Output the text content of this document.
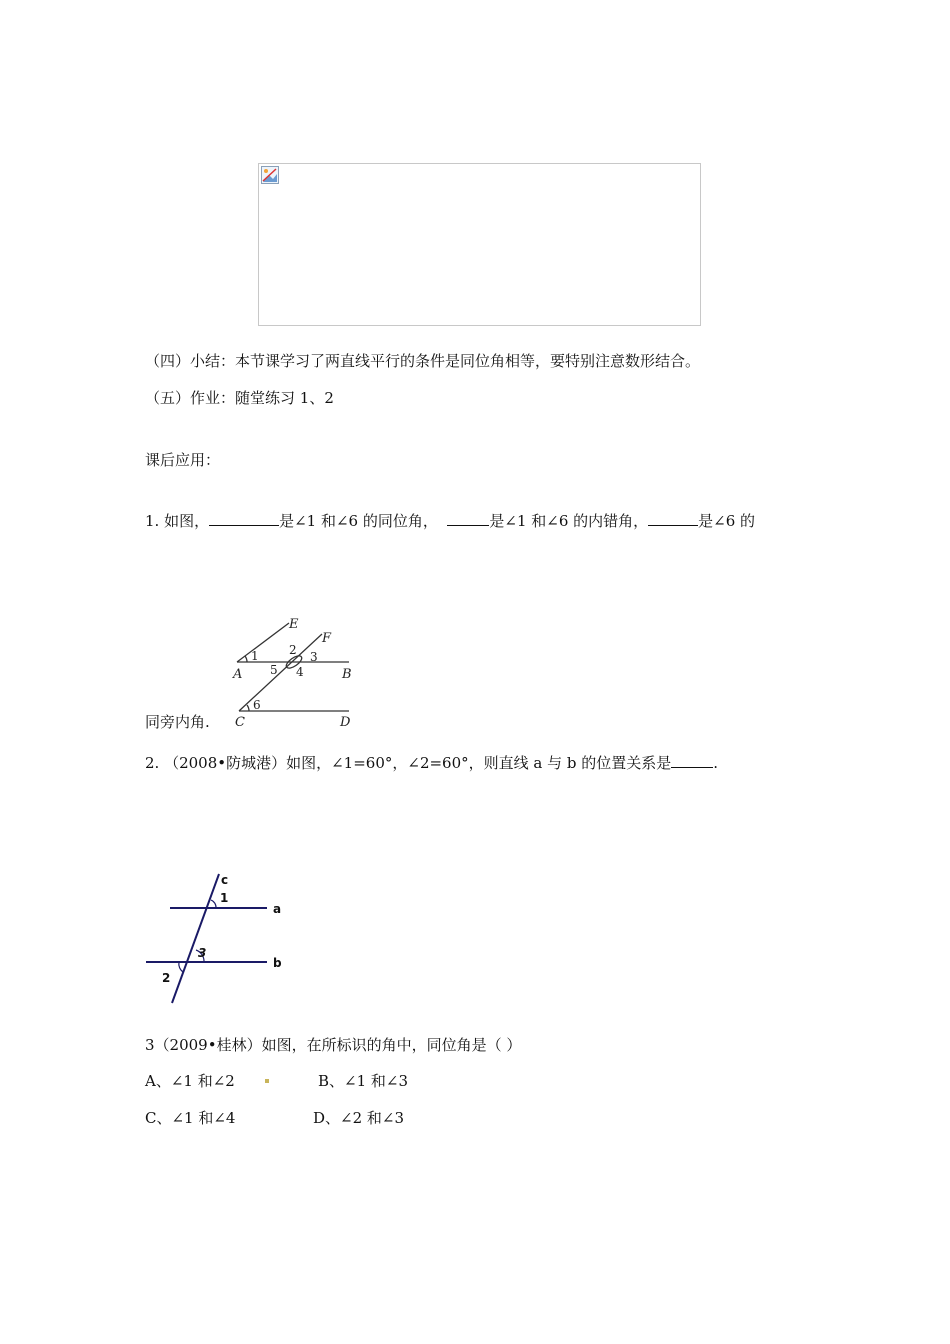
（四）小结：本节课学习了两直线平行的条件是同位角相等，要特别注意数形结合。
（五）作业：随堂练习 1、2
课后应用：
1. 如图，	是∠1 和∠6 的同位角，	是∠1 和∠6 的内错角，	是∠6 的
E
F
A	B
C	D
1	2 3
4
5
6
同旁内角.
2. （2008•防城港）如图，∠1=60°，∠2=60°，则直线 a 与 b 的位置关系是	.
c
1
a
3
b
2
3（2009•桂林）如图，在所标识的角中，同位角是（ ）
A、∠1 和∠2	B、∠1 和∠3
C、∠1 和∠4	D、∠2 和∠3
